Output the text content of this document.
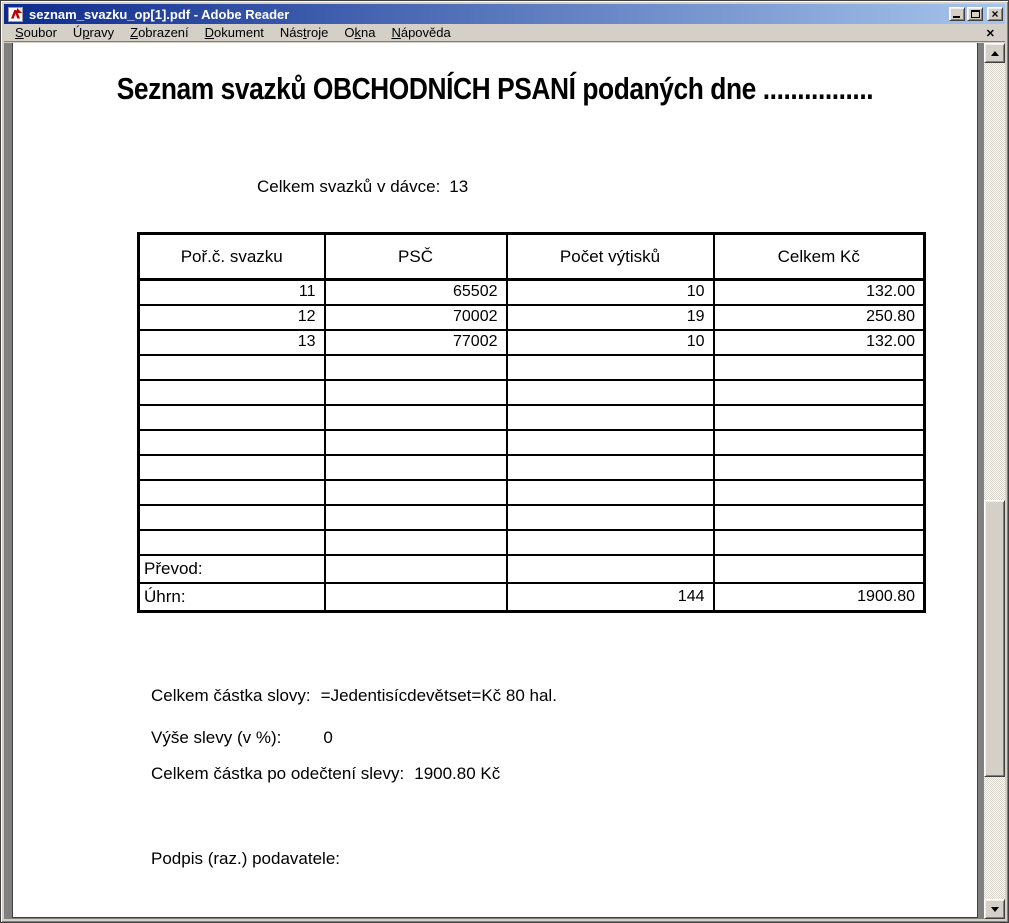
seznam_svazku_op[1].pdf - Adobe Reader	×
Soubor	Úpravy	Zobrazení	Dokument	Nástroje	Okna	Nápověda	✕
Seznam svazků OBCHODNÍCH PSANÍ podaných dne ................
Celkem svazků v dávce: 13
Poř.č. svazku	PSČ	Počet výtisků	Celkem Kč
11	65502	10	132.00
12	70002	19	250.80
13	77002	10	132.00

Převod:			
Úhrn:		144	1900.80
Celkem částka slovy: =Jedentisícdevětset=Kč 80 hal.
Výše slevy (v %): 0
Celkem částka po odečtení slevy: 1900.80 Kč
Podpis (raz.) podavatele:
